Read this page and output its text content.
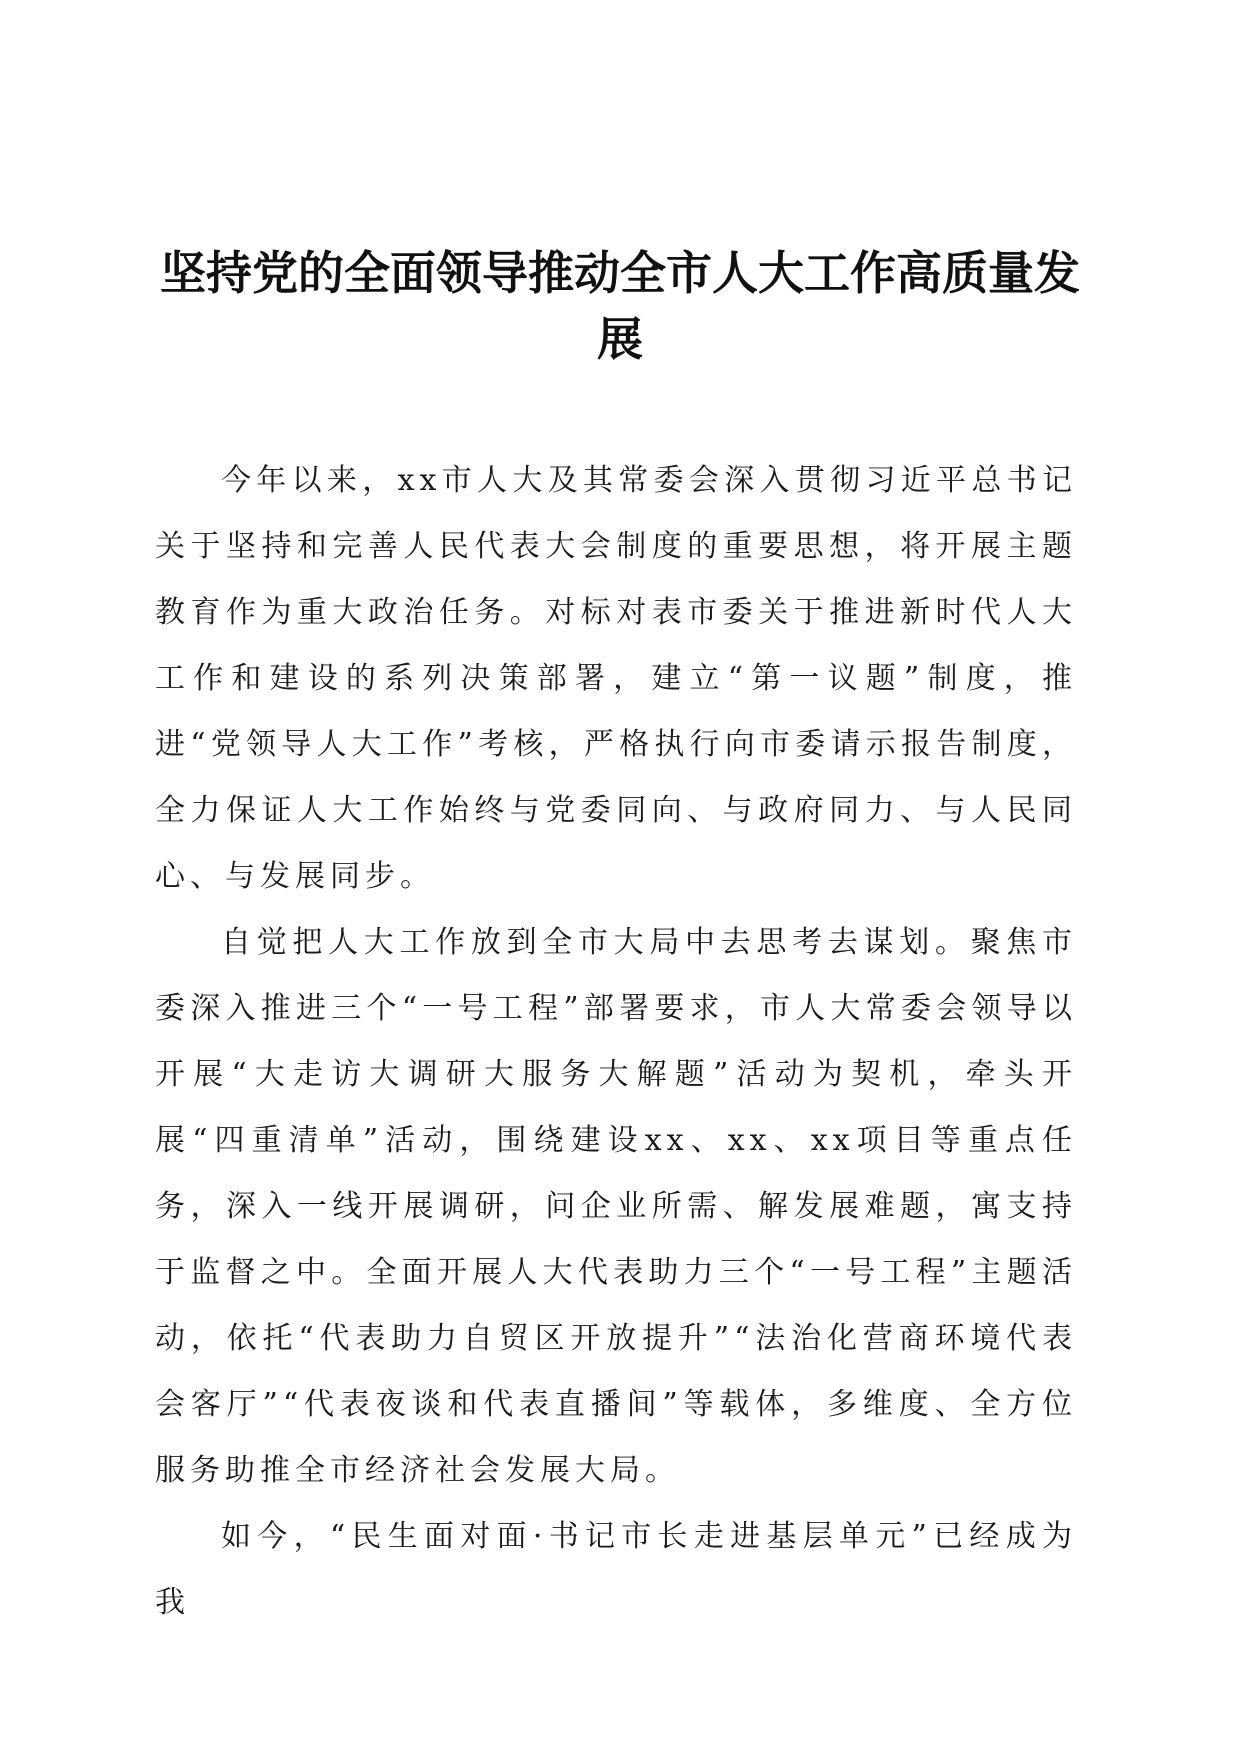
坚持党的全面领导推动全市人大工作高质量发展

今年以来，xx市人大及其常委会深入贯彻习近平总书记关于坚持和完善人民代表大会制度的重要思想，将开展主题教育作为重大政治任务。对标对表市委关于推进新时代人大工作和建设的系列决策部署，建立“第一议题”制度，推进“党领导人大工作”考核，严格执行向市委请示报告制度，全力保证人大工作始终与党委同向、与政府同力、与人民同心、与发展同步。

自觉把人大工作放到全市大局中去思考去谋划。聚焦市委深入推进三个“一号工程”部署要求，市人大常委会领导以开展“大走访大调研大服务大解题”活动为契机，牵头开展“四重清单”活动，围绕建设xx、xx、xx项目等重点任务，深入一线开展调研，问企业所需、解发展难题，寓支持于监督之中。全面开展人大代表助力三个“一号工程”主题活动，依托“代表助力自贸区开放提升”“法治化营商环境代表会客厅”“代表夜谈和代表直播间”等载体，多维度、全方位服务助推全市经济社会发展大局。

如今，“民生面对面·书记市长走进基层单元”已经成为我
